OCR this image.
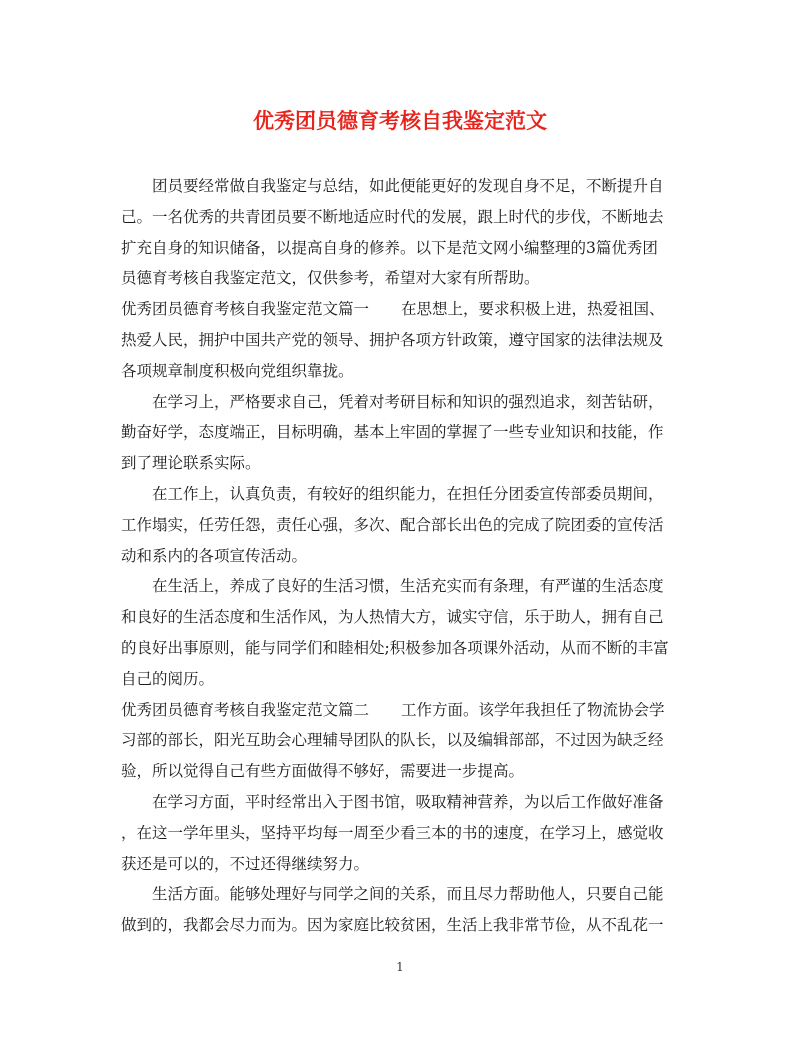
优秀团员德育考核自我鉴定范文
团员要经常做自我鉴定与总结，如此便能更好的发现自身不足，不断提升自
己。一名优秀的共青团员要不断地适应时代的发展，跟上时代的步伐，不断地去
扩充自身的知识储备，以提高自身的修养。以下是范文网小编整理的3篇优秀团
员德育考核自我鉴定范文，仅供参考，希望对大家有所帮助。
优秀团员德育考核自我鉴定范文篇一 在思想上，要求积极上进，热爱祖国、
热爱人民，拥护中国共产党的领导、拥护各项方针政策，遵守国家的法律法规及
各项规章制度积极向党组织靠拢。
在学习上，严格要求自己，凭着对考研目标和知识的强烈追求，刻苦钻研，
勤奋好学，态度端正，目标明确，基本上牢固的掌握了一些专业知识和技能，作
到了理论联系实际。
在工作上，认真负责，有较好的组织能力，在担任分团委宣传部委员期间，
工作塌实，任劳任怨，责任心强，多次、配合部长出色的完成了院团委的宣传活
动和系内的各项宣传活动。
在生活上，养成了良好的生活习惯，生活充实而有条理，有严谨的生活态度
和良好的生活态度和生活作风，为人热情大方，诚实守信，乐于助人，拥有自己
的良好出事原则，能与同学们和睦相处;积极参加各项课外活动，从而不断的丰富
自己的阅历。
优秀团员德育考核自我鉴定范文篇二 工作方面。该学年我担任了物流协会学
习部的部长，阳光互助会心理辅导团队的队长，以及编辑部部，不过因为缺乏经
验，所以觉得自己有些方面做得不够好，需要进一步提高。
在学习方面，平时经常出入于图书馆，吸取精神营养，为以后工作做好准备
，在这一学年里头，坚持平均每一周至少看三本的书的速度，在学习上，感觉收
获还是可以的，不过还得继续努力。
生活方面。能够处理好与同学之间的关系，而且尽力帮助他人，只要自己能
做到的，我都会尽力而为。因为家庭比较贫困，生活上我非常节俭，从不乱花一
1
